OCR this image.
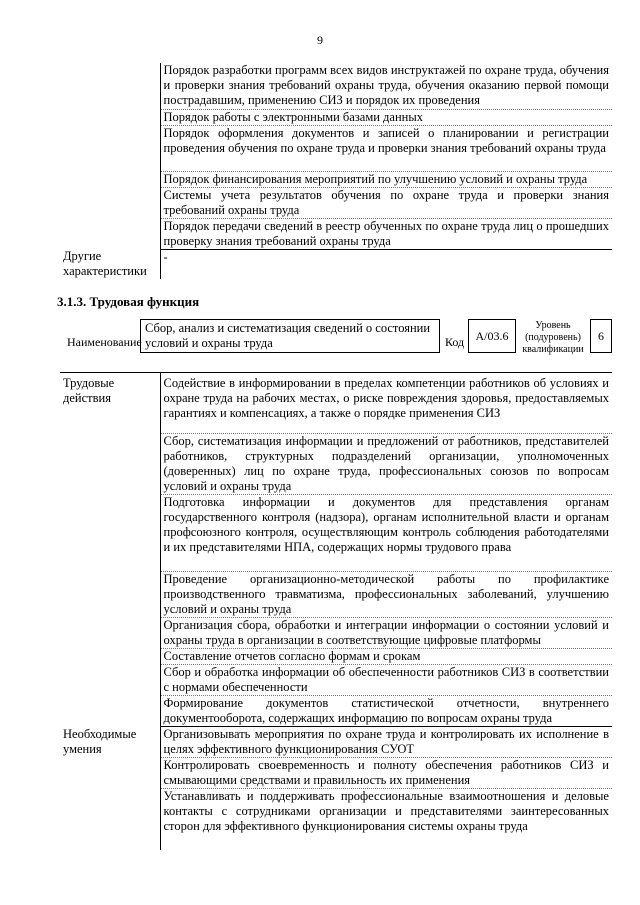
9
	Порядок разработки программ всех видов инструктажей по охране труда, обучения и проверки знания требований охраны труда, обучения оказанию первой помощи пострадавшим, применению СИЗ и порядок их проведения
	Порядок работы с электронными базами данных
	Порядок оформления документов и записей о планировании и регистрации проведения обучения по охране труда и проверки знания требований охраны труда
	Порядок финансирования мероприятий по улучшению условий и охраны труда
	Системы учета результатов обучения по охране труда и проверки знания требований охраны труда
	Порядок передачи сведений в реестр обученных по охране труда лиц о прошедших проверку знания требований охраны труда
Другие характеристики	-
3.1.3. Трудовая функция
Наименование
Сбор, анализ и систематизация сведений о состоянии условий и охраны труда	Код A/03.6
Уровень (подуровень) квалификации
6
Трудовые действия	Содействие в информировании в пределах компетенции работников об условиях и охране труда на рабочих местах, о риске повреждения здоровья, предоставляемых гарантиях и компенсациях, а также о порядке применения СИЗ
	Сбор, систематизация информации и предложений от работников, представителей работников, структурных подразделений организации, уполномоченных (доверенных) лиц по охране труда, профессиональных союзов по вопросам условий и охраны труда
	Подготовка информации и документов для представления органам государственного контроля (надзора), органам исполнительной власти и органам профсоюзного контроля, осуществляющим контроль соблюдения работодателями и их представителями НПА, содержащих нормы трудового права
	Проведение организационно-методической работы по профилактике производственного травматизма, профессиональных заболеваний, улучшению условий и охраны труда
	Организация сбора, обработки и интеграции информации о состоянии условий и охраны труда в организации в соответствующие цифровые платформы
	Составление отчетов согласно формам и срокам
	Сбор и обработка информации об обеспеченности работников СИЗ в соответствии с нормами обеспеченности
	Формирование документов статистической отчетности, внутреннего документооборота, содержащих информацию по вопросам охраны труда
Необходимые умения	Организовывать мероприятия по охране труда и контролировать их исполнение в целях эффективного функционирования СУОТ
	Контролировать своевременность и полноту обеспечения работников СИЗ и смывающими средствами и правильность их применения
	Устанавливать и поддерживать профессиональные взаимоотношения и деловые контакты с сотрудниками организации и представителями заинтересованных сторон для эффективного функционирования системы охраны труда
